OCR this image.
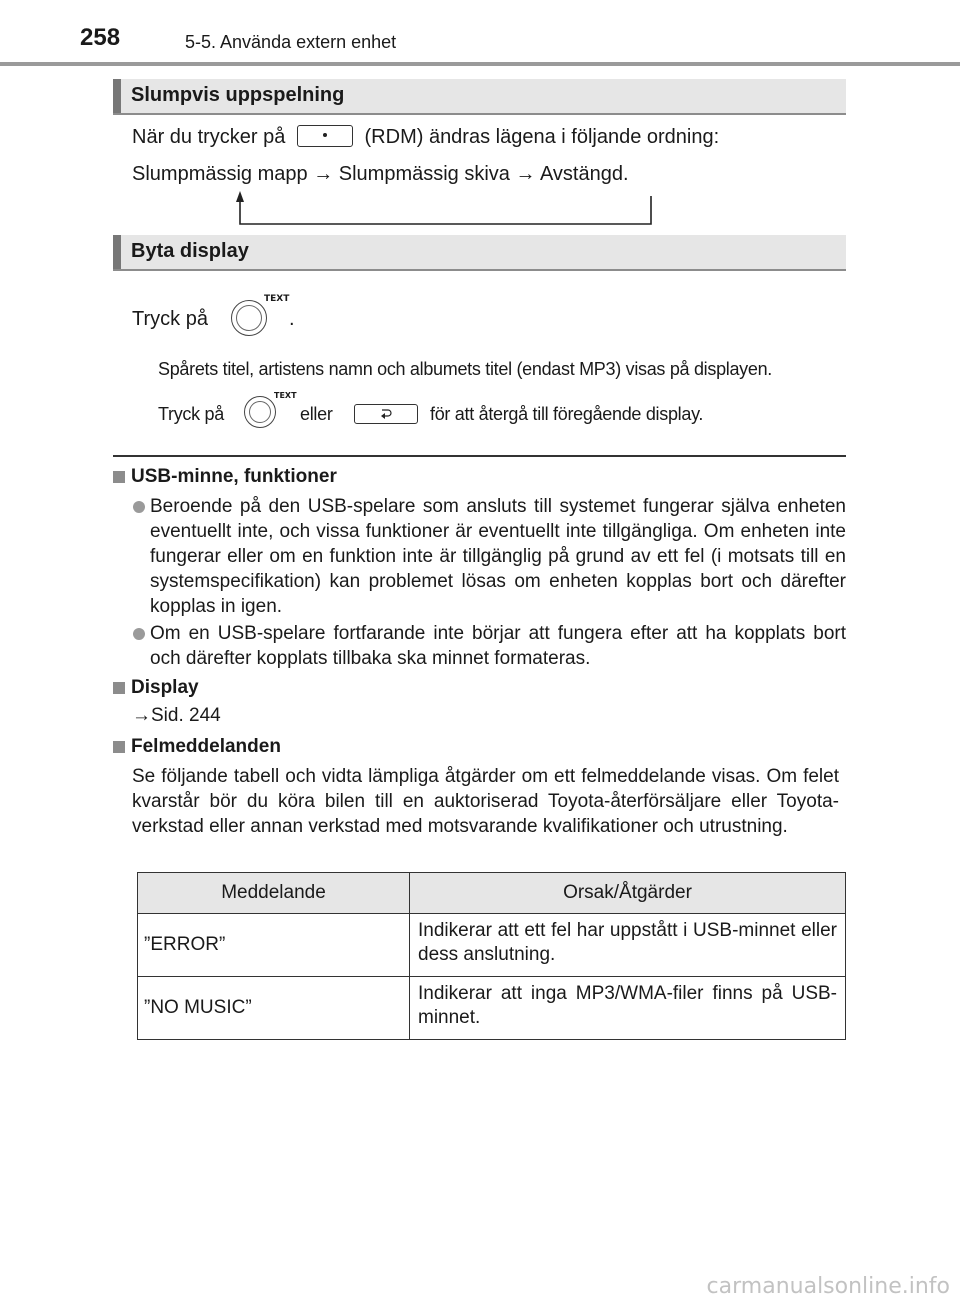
258	5-5. Använda extern enhet
Slumpvis uppspelning
När du trycker på	(RDM) ändras lägena i följande ordning:
Slumpmässig mapp → Slumpmässig skiva → Avstängd.
Byta display
Tryck på
TEXT
.
Spårets titel, artistens namn och albumets titel (endast MP3) visas på displayen.
Tryck på
TEXT
eller	för att återgå till föregående display.
USB-minne, funktioner
Beroende på den USB-spelare som ansluts till systemet fungerar själva enheten eventuellt inte, och vissa funktioner är eventuellt inte tillgängliga. Om enheten inte fungerar eller om en funktion inte är tillgänglig på grund av ett fel (i motsats till en systemspecifikation) kan problemet lösas om enheten kopplas bort och därefter kopplas in igen.
Om en USB-spelare fortfarande inte börjar att fungera efter att ha kopplats bort och därefter kopplats tillbaka ska minnet formateras.
Display
→Sid. 244
Felmeddelanden
Se följande tabell och vidta lämpliga åtgärder om ett felmeddelande visas. Om felet kvarstår bör du köra bilen till en auktoriserad Toyota-återförsäljare eller Toyota-verkstad eller annan verkstad med motsvarande kvalifikationer och utrustning.
Meddelande	Orsak/Åtgärder
”ERROR”	Indikerar att ett fel har uppstått i USB-minnet eller dess anslutning.
”NO MUSIC”	Indikerar att inga MP3/WMA-filer finns på USB-minnet.
carmanualsonline.info
